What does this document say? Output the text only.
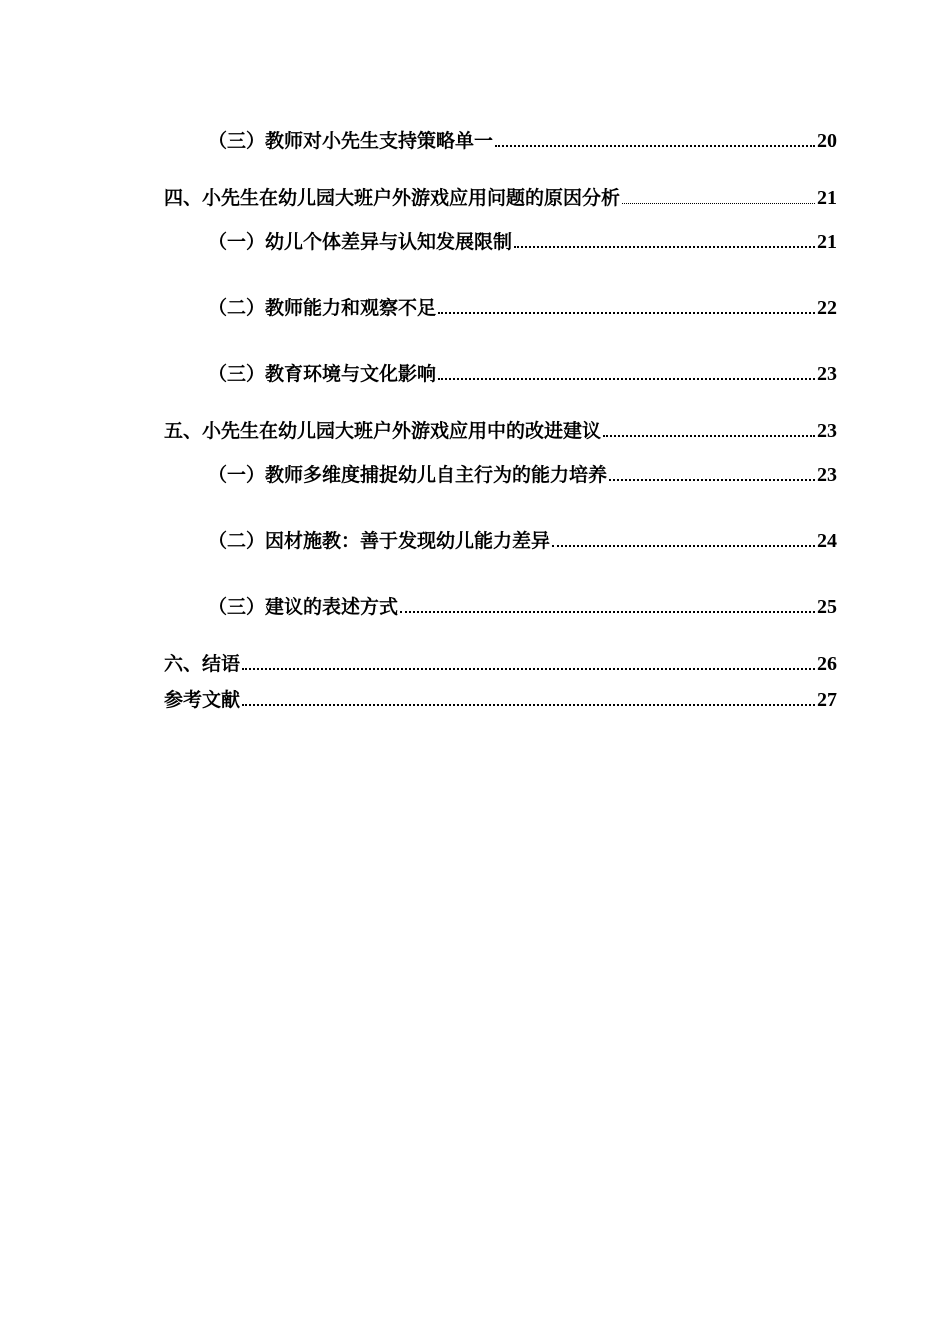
（三）教师对小先生支持策略单一	20
四、小先生在幼儿园大班户外游戏应用问题的原因分析	21
（一）幼儿个体差异与认知发展限制	21
（二）教师能力和观察不足	22
（三）教育环境与文化影响	23
五、小先生在幼儿园大班户外游戏应用中的改进建议	23
（一）教师多维度捕捉幼儿自主行为的能力培养	23
（二）因材施教：善于发现幼儿能力差异	24
（三）建议的表述方式	25
六、结语	26
参考文献	27
